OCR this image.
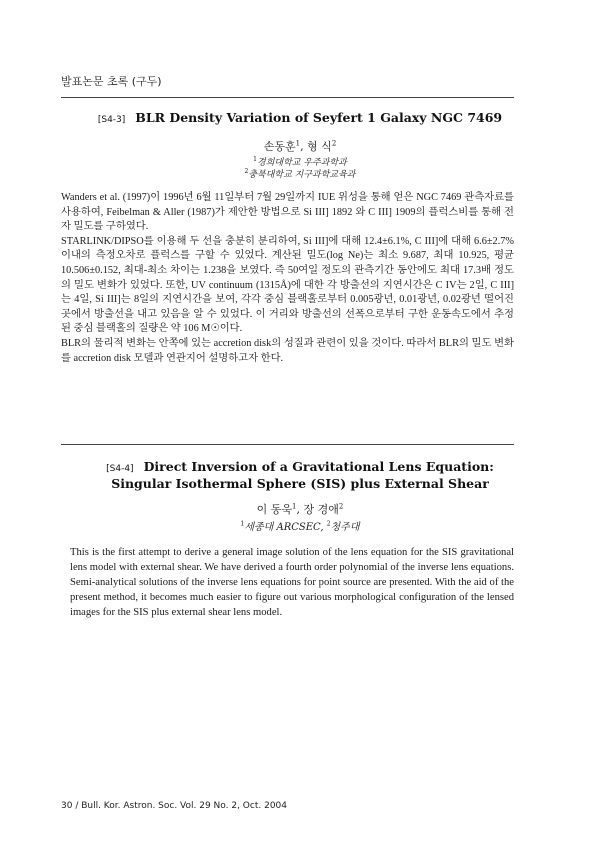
발표논문 초록 (구두)
[S4-3] BLR Density Variation of Seyfert 1 Galaxy NGC 7469
손동훈$^1$, 형 식$^2$
$^1$경희대학교 우주과학과
$^2$충북대학교 지구과학교육과

Wanders et al. (1997)이 1996년 6월 11일부터 7월 29일까지 IUE 위성을 통해 얻은 NGC 7469 관측자료를 사용하여, Feibelman & Aller (1987)가 제안한 방법으로 Si III] 1892 와 C III] 1909의 플럭스비를 통해 전자 밀도를 구하였다.

STARLINK/DIPSO를 이용해 두 선을 충분히 분리하여, Si III]에 대해 12.4±6.1%, C III]에 대해 6.6±2.7% 이내의 측정오차로 플럭스를 구할 수 있었다. 계산된 밀도(log Ne)는 최소 9.687, 최대 10.925, 평균 10.506±0.152, 최대-최소 차이는 1.238을 보였다. 즉 50여일 정도의 관측기간 동안에도 최대 17.3배 정도의 밀도 변화가 있었다. 또한, UV continuum (1315Å)에 대한 각 방출선의 지연시간은 C IV는 2일, C III]는 4일, Si III]는 8일의 지연시간을 보여, 각각 중심 블랙홀로부터 0.005광년, 0.01광년, 0.02광년 떨어진 곳에서 방출선을 내고 있음을 알 수 있었다. 이 거리와 방출선의 선폭으로부터 구한 운동속도에서 추정된 중심 블랙홀의 질량은 약 106 M☉이다.

BLR의 물리적 변화는 안쪽에 있는 accretion disk의 성질과 관련이 있을 것이다. 따라서 BLR의 밀도 변화를 accretion disk 모델과 연관지어 설명하고자 한다.

[S4-4] Direct Inversion of a Gravitational Lens Equation:
Singular Isothermal Sphere (SIS) plus External Shear
이 동욱$^1$, 장 경애$^2$
$^1$세종대 ARCSEC, $^2$청주대
This is the first attempt to derive a general image solution of the lens equation for the SIS gravitational lens model with external shear. We have derived a fourth order polynomial of the inverse lens equations. Semi-analytical solutions of the inverse lens equations for point source are presented. With the aid of the present method, it becomes much easier to figure out various morphological configuration of the lensed images for the SIS plus external shear lens model.
30 / Bull. Kor. Astron. Soc. Vol. 29 No. 2, Oct. 2004
